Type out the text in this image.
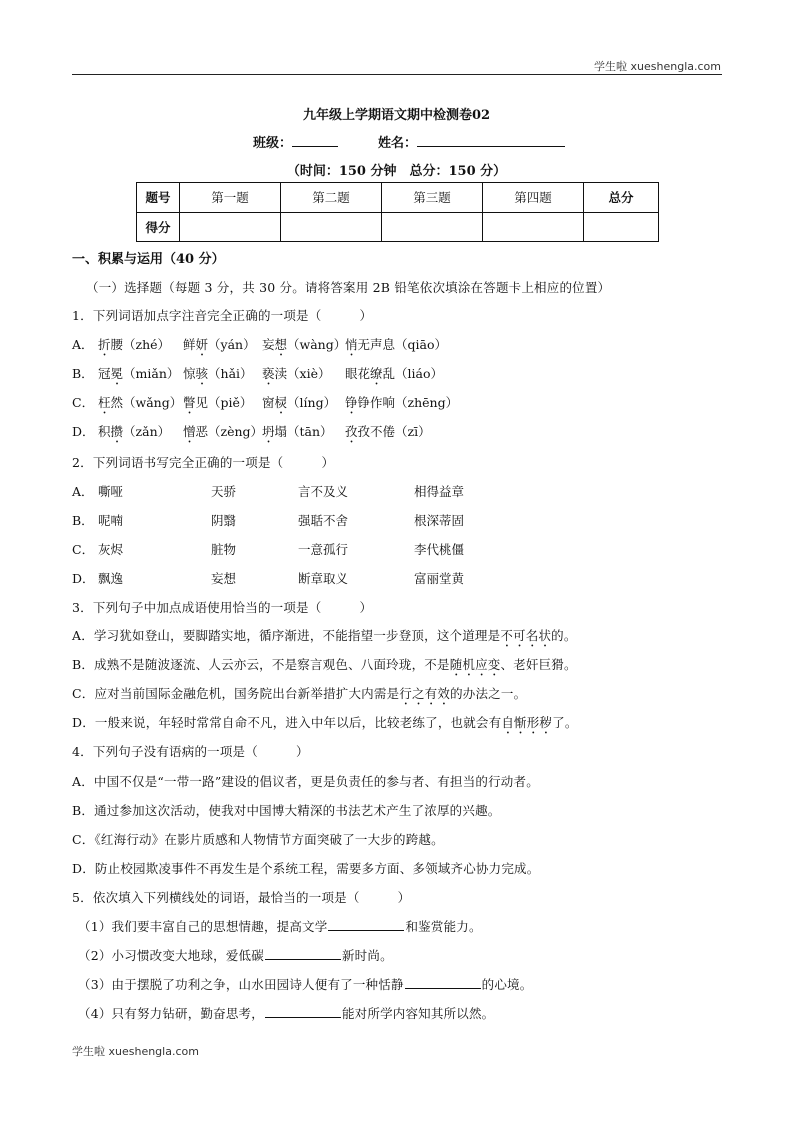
学生啦 xueshengla.com
九年级上学期语文期中检测卷02
班级：	姓名：
（时间：150 分钟　总分：150 分）
题号	第一题	第二题	第三题	第四题	总分
得分					
一、积累与运用（40 分）
（一）选择题（每题 3 分，共 30 分。请将答案用 2B 铅笔依次填涂在答题卡上相应的位置）
1．下列词语加点字注音完全正确的一项是（　　　）
A． 折腰（zhé） 鲜妍（yán） 妄想（wàng）
悄无声息（qiāo）
B． 冠冕（miǎn） 惊骇（hǎi） 亵渎（xiè） 眼花缭乱（liáo）
C． 枉然（wǎng） 瞥见（piě） 窗棂（líng） 铮铮作响（zhēng）
D． 积攒（zǎn） 憎恶（zèng）
坍塌（tān） 孜孜不倦（zī）
2．下列词语书写完全正确的一项是（　　　）
A． 嘶哑	天骄	言不及义	相得益章
B． 呢喃	阴翳	强聒不舍	根深蒂固
C． 灰烬	脏物	一意孤行	李代桃僵
D． 飘逸	妄想	断章取义	富丽堂黄
3．下列句子中加点成语使用恰当的一项是（　　　）
A．学习犹如登山，要脚踏实地，循序渐进，不能指望一步登顶，这个道理是不可名状的。
B．成熟不是随波逐流、人云亦云，不是察言观色、八面玲珑，不是随机应变、老奸巨猾。
C．应对当前国际金融危机，国务院出台新举措扩大内需是行之有效的办法之一。
D．一般来说，年轻时常常自命不凡，进入中年以后，比较老练了，也就会有自惭形秽了。
4．下列句子没有语病的一项是（　　　）
A．中国不仅是“一带一路”建设的倡议者，更是负责任的参与者、有担当的行动者。
B．通过参加这次活动，使我对中国博大精深的书法艺术产生了浓厚的兴趣。
C．《红海行动》在影片质感和人物情节方面突破了一大步的跨越。
D．防止校园欺凌事件不再发生是个系统工程，需要多方面、多领域齐心协力完成。
5．依次填入下列横线处的词语，最恰当的一项是（　　　）
（1）我们要丰富自己的思想情趣，提高文学	和鉴赏能力。
（2）小习惯改变大地球，爱低碳	新时尚。
（3）由于摆脱了功利之争，山水田园诗人便有了一种恬静	的心境。
（4）只有努力钻研，勤奋思考，	能对所学内容知其所以然。
学生啦 xueshengla.com
